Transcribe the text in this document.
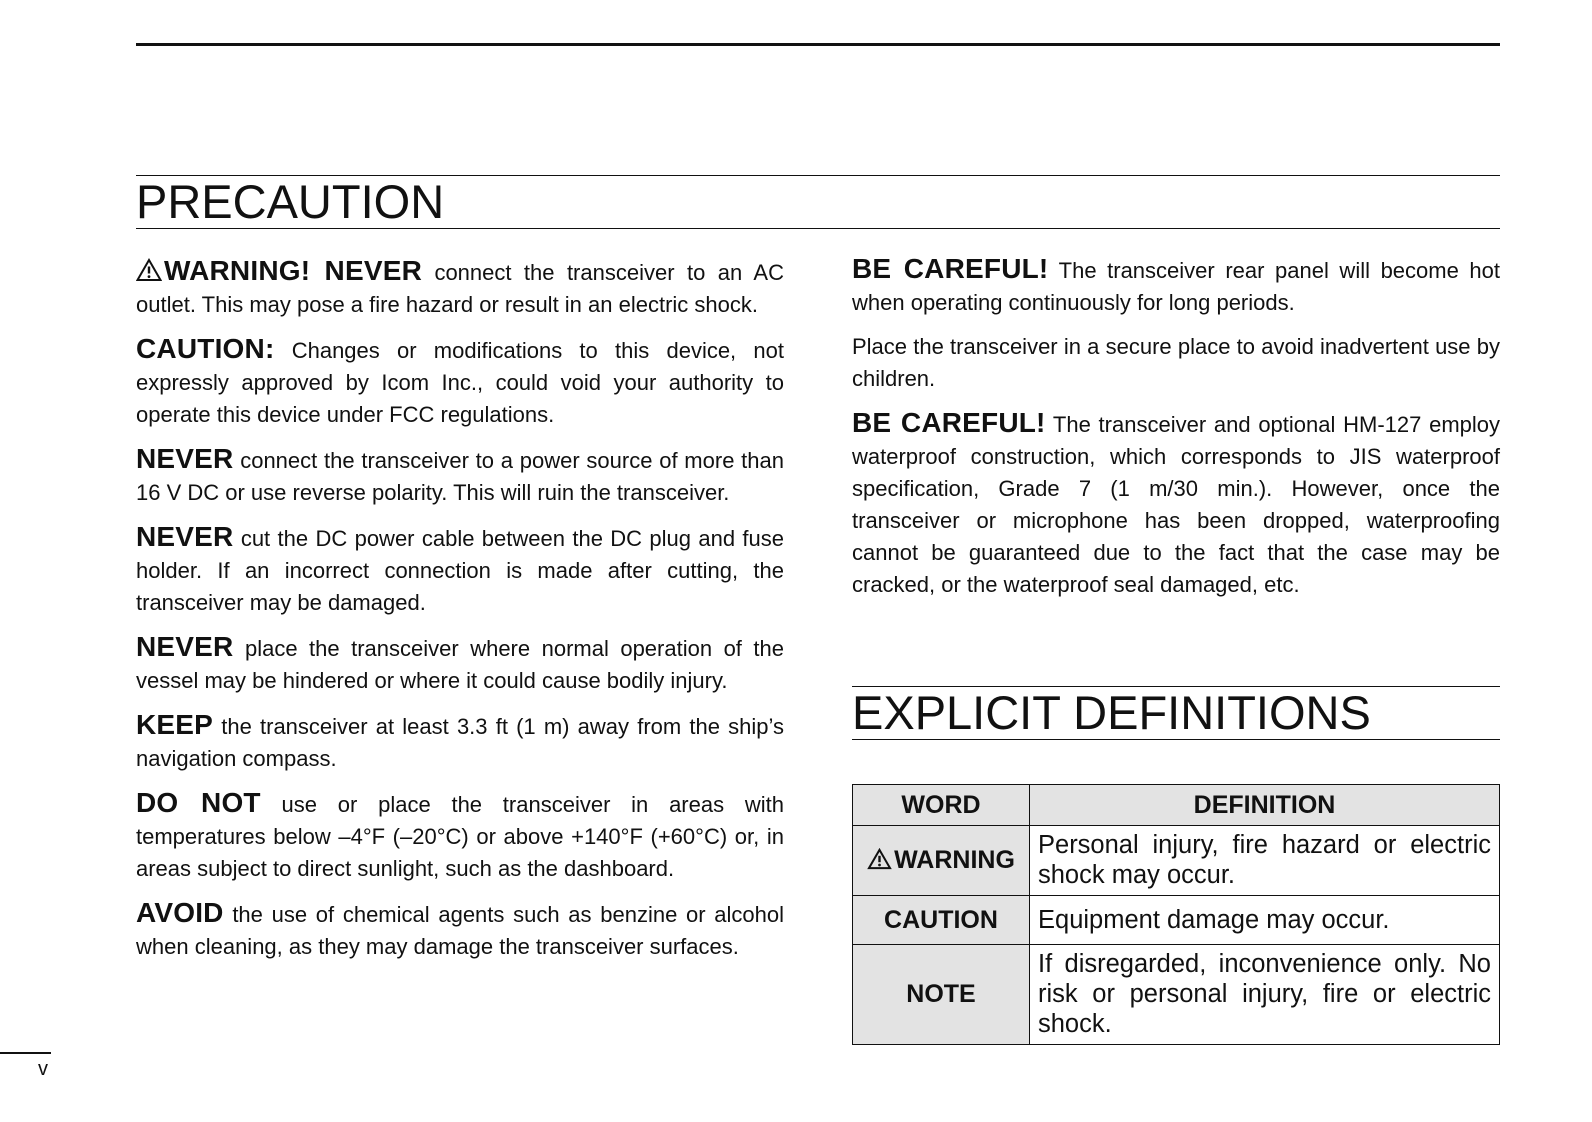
PRECAUTION

WARNING! NEVER connect the transceiver to an AC outlet. This may pose a fire hazard or result in an electric shock.

CAUTION: Changes or modifications to this device, not expressly approved by Icom Inc., could void your authority to operate this device under FCC regulations.

NEVER connect the transceiver to a power source of more than 16 V DC or use reverse polarity. This will ruin the transceiver.

NEVER cut the DC power cable between the DC plug and fuse holder. If an incorrect connection is made after cutting, the transceiver may be damaged.

NEVER place the transceiver where normal operation of the vessel may be hindered or where it could cause bodily injury.

KEEP the transceiver at least 3.3 ft (1 m) away from the ship’s navigation compass.

DO NOT use or place the transceiver in areas with temperatures below –4°F (–20°C) or above +140°F (+60°C) or, in areas subject to direct sunlight, such as the dashboard.

AVOID the use of chemical agents such as benzine or alcohol when cleaning, as they may damage the transceiver surfaces.

BE CAREFUL! The transceiver rear panel will become hot when operating continuously for long periods.

Place the transceiver in a secure place to avoid inadvertent use by children.

BE CAREFUL! The transceiver and optional HM-127 employ waterproof construction, which corresponds to JIS waterproof specification, Grade 7 (1 m/30 min.). However, once the transceiver or microphone has been dropped, waterproofing cannot be guaranteed due to the fact that the case may be cracked, or the waterproof seal damaged, etc.

EXPLICIT DEFINITIONS
WORD	DEFINITION
WARNING	Personal injury, fire hazard or electric shock may occur.
CAUTION	Equipment damage may occur.
NOTE	If disregarded, inconvenience only. No risk or personal injury, fire or electric shock.
v
